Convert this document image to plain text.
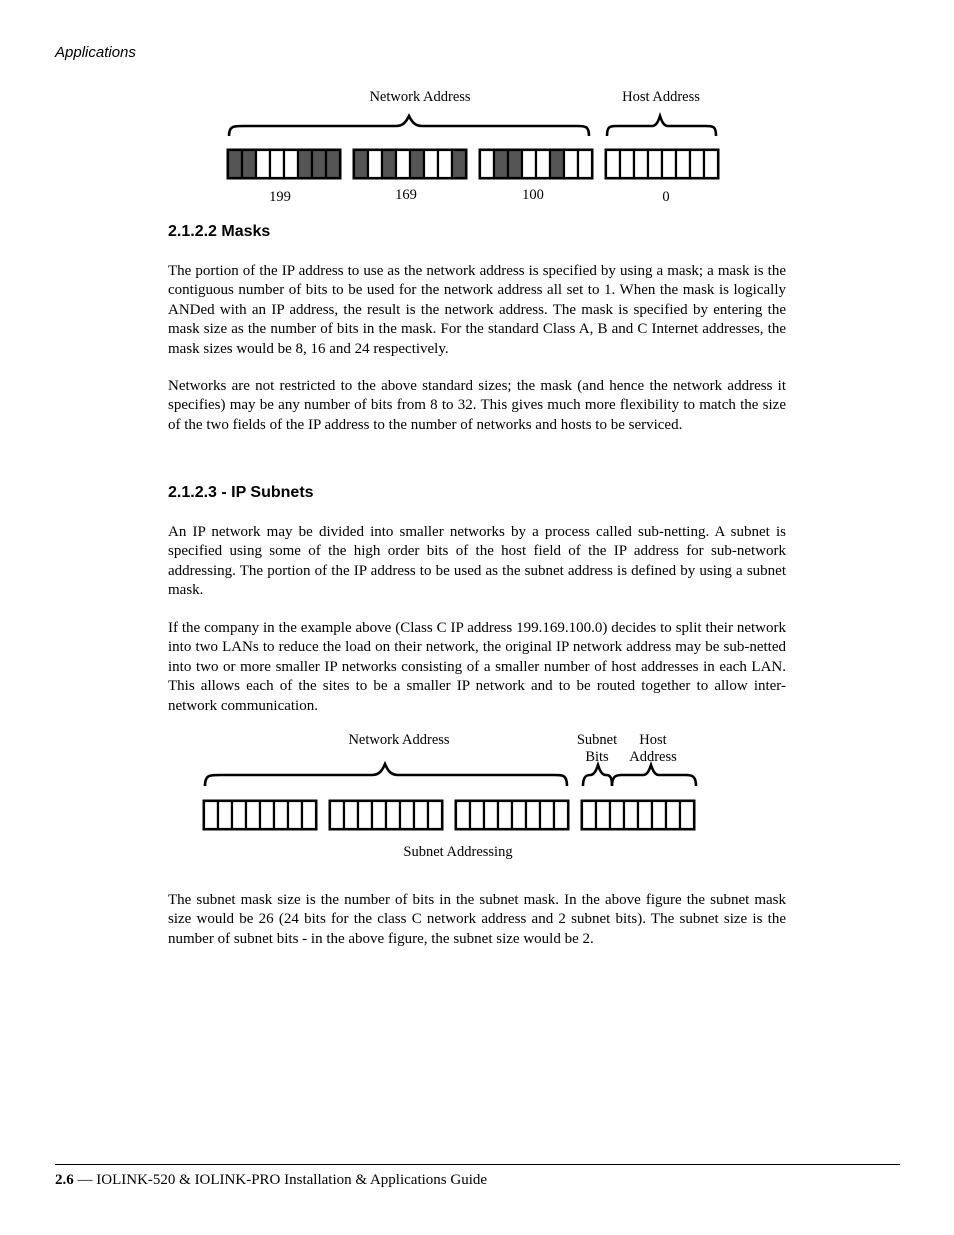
Applications
Network Address	Host Address
199	169	100	0
2.1.2.2 Masks

The portion of the IP address to use as the network address is specified by using a mask; a mask is the contiguous number of bits to be used for the network address all set to 1. When the mask is logically ANDed with an IP address, the result is the network address. The mask is specified by entering the mask size as the number of bits in the mask. For the standard Class A, B and C Internet addresses, the mask sizes would be 8, 16 and 24 respectively.

Networks are not restricted to the above standard sizes; the mask (and hence the network address it specifies) may be any number of bits from 8 to 32. This gives much more flexibility to match the size of the two fields of the IP address to the number of networks and hosts to be serviced.

2.1.2.3 - IP Subnets

An IP network may be divided into smaller networks by a process called sub-netting. A subnet is specified using some of the high order bits of the host field of the IP address for sub-network addressing. The portion of the IP address to be used as the subnet address is defined by using a subnet mask.

If the company in the example above (Class C IP address 199.169.100.0) decides to split their network into two LANs to reduce the load on their network, the original IP network address may be sub-netted into two or more smaller IP networks consisting of a smaller number of host addresses in each LAN. This allows each of the sites to be a smaller IP network and to be routed together to allow inter-network communication.

Network Address	Subnet
Bits
Host
Address
Subnet Addressing

The subnet mask size is the number of bits in the subnet mask. In the above figure the subnet mask size would be 26 (24 bits for the class C network address and 2 subnet bits). The subnet size is the number of subnet bits - in the above figure, the subnet size would be 2.

2.6 — IOLINK-520 & IOLINK-PRO Installation & Applications Guide
